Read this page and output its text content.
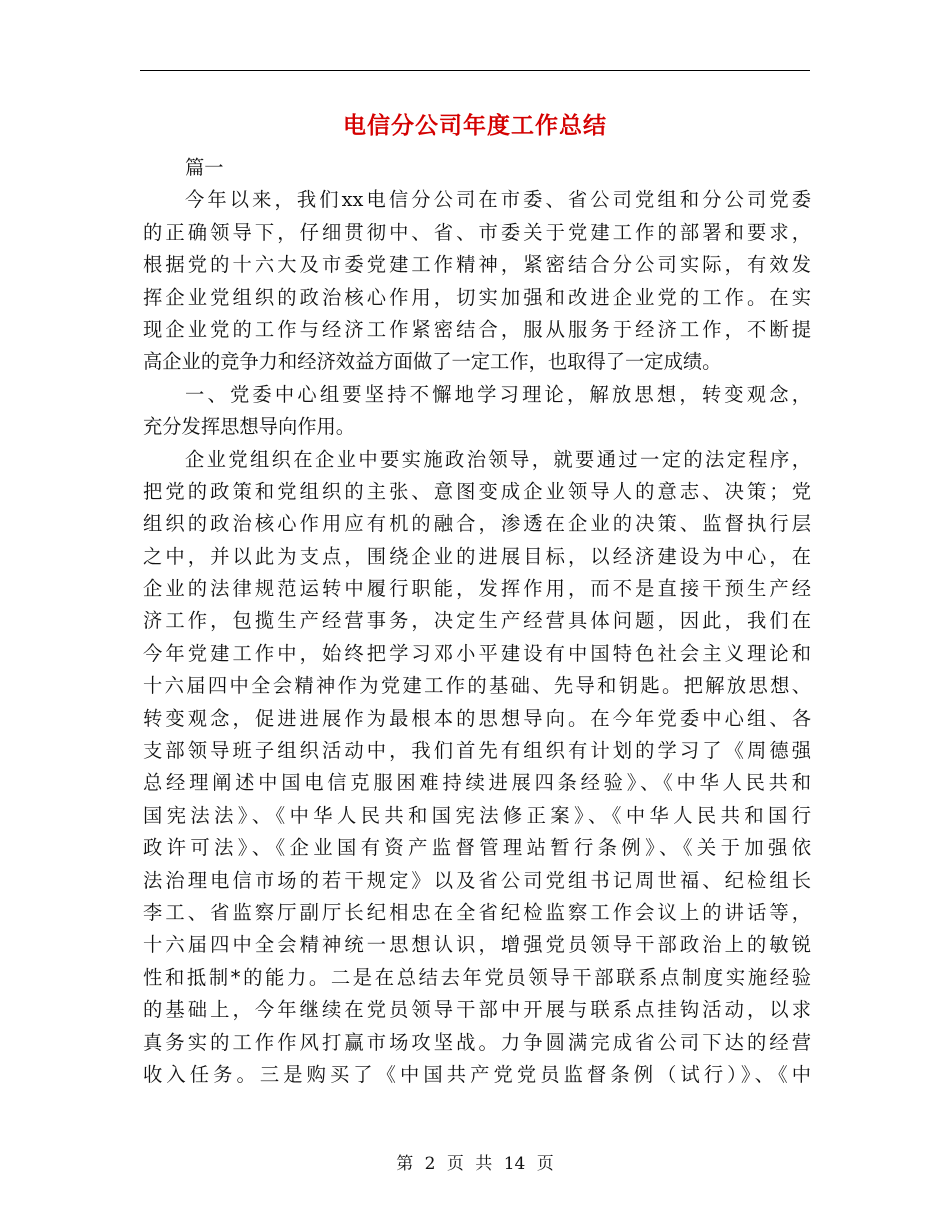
电信分公司年度工作总结
篇一
今年以来，我们xx电信分公司在市委、省公司党组和分公司党委
的正确领导下，仔细贯彻中、省、市委关于党建工作的部署和要求，
根据党的十六大及市委党建工作精神，紧密结合分公司实际，有效发
挥企业党组织的政治核心作用，切实加强和改进企业党的工作。在实
现企业党的工作与经济工作紧密结合，服从服务于经济工作，不断提
高企业的竞争力和经济效益方面做了一定工作，也取得了一定成绩。
一、党委中心组要坚持不懈地学习理论，解放思想，转变观念，
充分发挥思想导向作用。
企业党组织在企业中要实施政治领导，就要通过一定的法定程序，
把党的政策和党组织的主张、意图变成企业领导人的意志、决策；党
组织的政治核心作用应有机的融合，渗透在企业的决策、监督执行层
之中，并以此为支点，围绕企业的进展目标，以经济建设为中心，在
企业的法律规范运转中履行职能，发挥作用，而不是直接干预生产经
济工作，包揽生产经营事务，决定生产经营具体问题，因此，我们在
今年党建工作中，始终把学习邓小平建设有中国特色社会主义理论和
十六届四中全会精神作为党建工作的基础、先导和钥匙。把解放思想、
转变观念，促进进展作为最根本的思想导向。在今年党委中心组、各
支部领导班子组织活动中，我们首先有组织有计划的学习了《周德强
总经理阐述中国电信克服困难持续进展四条经验》、《中华人民共和
国宪法法》、《中华人民共和国宪法修正案》、《中华人民共和国行
政许可法》、《企业国有资产监督管理站暂行条例》、《关于加强依
法治理电信市场的若干规定》以及省公司党组书记周世福、纪检组长
李工、省监察厅副厅长纪相忠在全省纪检监察工作会议上的讲话等，
十六届四中全会精神统一思想认识，增强党员领导干部政治上的敏锐
性和抵制*的能力。二是在总结去年党员领导干部联系点制度实施经验
的基础上，今年继续在党员领导干部中开展与联系点挂钩活动，以求
真务实的工作作风打赢市场攻坚战。力争圆满完成省公司下达的经营
收入任务。三是购买了《中国共产党党员监督条例（试行）》、《中
第 2 页 共 14 页
